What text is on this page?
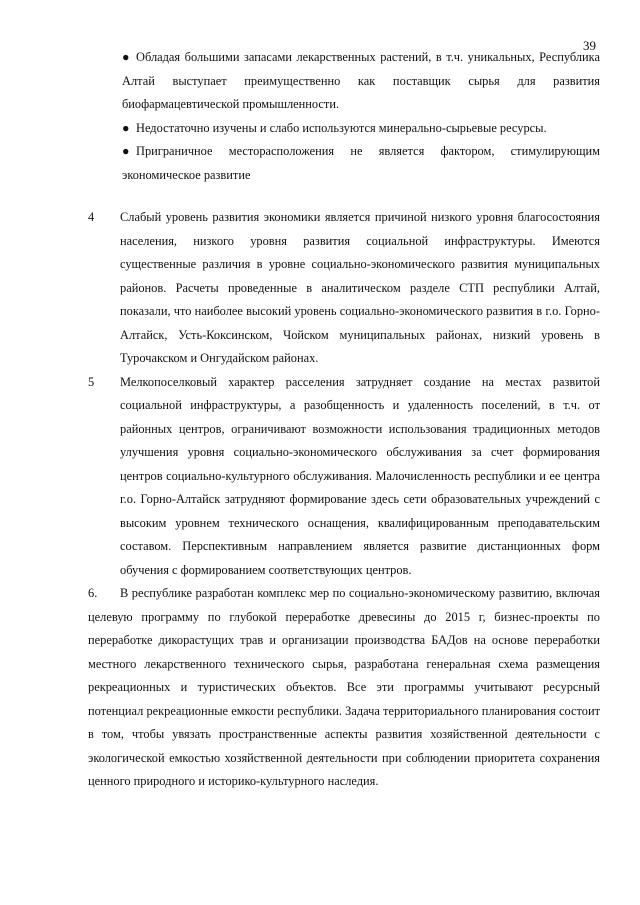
39

● Обладая большими запасами лекарственных растений, в т.ч. уникальных, Республика Алтай выступает преимущественно как поставщик сырья для развития биофармацевтической промышленности.

● Недостаточно изучены и слабо используются минерально-сырьевые ресурсы.

● Приграничное месторасположения не является фактором, стимулирующим экономическое развитие

4	Слабый уровень развития экономики является причиной низкого уровня благосостояния населения, низкого уровня развития социальной инфраструктуры. Имеются существенные различия в уровне социально-экономического развития муниципальных районов. Расчеты проведенные в аналитическом разделе СТП республики Алтай, показали, что наиболее высокий уровень социально-экономического развития в г.о. Горно-Алтайск, Усть-Коксинском, Чойском муниципальных районах, низкий уровень в Турочакском и Онгудайском районах.

5	Мелкопоселковый характер расселения затрудняет создание на местах развитой социальной инфраструктуры, а разобщенность и удаленность поселений, в т.ч. от районных центров, ограничивают возможности использования традиционных методов улучшения уровня социально-экономического обслуживания за счет формирования центров социально-культурного обслуживания. Малочисленность республики и ее центра г.о. Горно-Алтайск затрудняют формирование здесь сети образовательных учреждений с высоким уровнем технического оснащения, квалифицированным преподавательским составом. Перспективным направлением является развитие дистанционных форм обучения с формированием соответствующих центров.

6. В республике разработан комплекс мер по социально-экономическому развитию, включая целевую программу по глубокой переработке древесины до 2015 г, бизнес-проекты по переработке дикорастущих трав и организации производства БАДов на основе переработки местного лекарственного технического сырья, разработана генеральная схема размещения рекреационных и туристических объектов. Все эти программы учитывают ресурсный потенциал рекреационные емкости республики. Задача территориального планирования состоит в том, чтобы увязать пространственные аспекты развития хозяйственной деятельности с экологической емкостью хозяйственной деятельности при соблюдении приоритета сохранения ценного природного и историко-культурного наследия.
